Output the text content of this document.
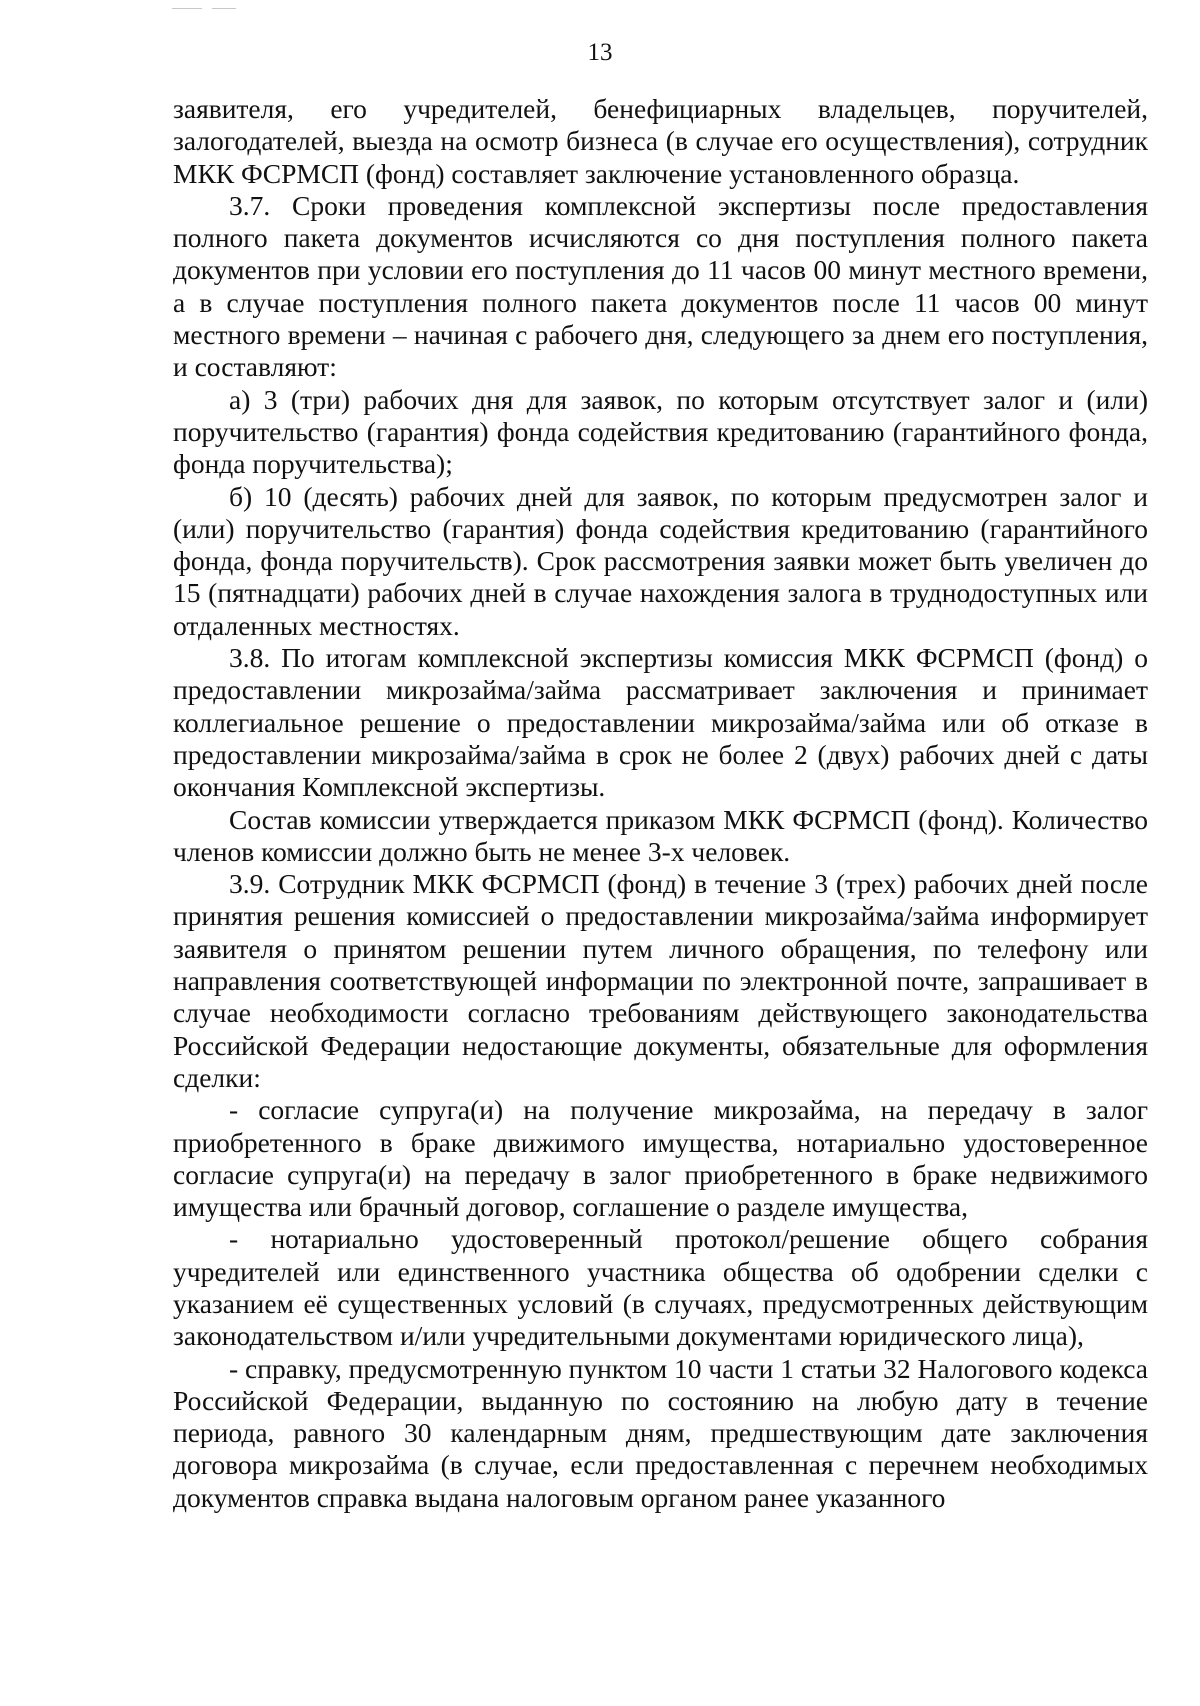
13

заявителя, его учредителей, бенефициарных владельцев, поручителей, залогодателей, выезда на осмотр бизнеса (в случае его осуществления), сотрудник МКК ФСРМСП (фонд) составляет заключение установленного образца.

3.7. Сроки проведения комплексной экспертизы после предоставления полного пакета документов исчисляются со дня поступления полного пакета документов при условии его поступления до 11 часов 00 минут местного времени, а в случае поступления полного пакета документов после 11 часов 00 минут местного времени – начиная с рабочего дня, следующего за днем его поступления, и составляют:

а) 3 (три) рабочих дня для заявок, по которым отсутствует залог и (или) поручительство (гарантия) фонда содействия кредитованию (гарантийного фонда, фонда поручительства);

б) 10 (десять) рабочих дней для заявок, по которым предусмотрен залог и (или) поручительство (гарантия) фонда содействия кредитованию (гарантийного фонда, фонда поручительств). Срок рассмотрения заявки может быть увеличен до 15 (пятнадцати) рабочих дней в случае нахождения залога в труднодоступных или отдаленных местностях.

3.8. По итогам комплексной экспертизы комиссия МКК ФСРМСП (фонд) о предоставлении микрозайма/займа рассматривает заключения и принимает коллегиальное решение о предоставлении микрозайма/займа или об отказе в предоставлении микрозайма/займа в срок не более 2 (двух) рабочих дней с даты окончания Комплексной экспертизы.

Состав комиссии утверждается приказом МКК ФСРМСП (фонд). Количество членов комиссии должно быть не менее 3-х человек.

3.9. Сотрудник МКК ФСРМСП (фонд) в течение 3 (трех) рабочих дней после принятия решения комиссией о предоставлении микрозайма/займа информирует заявителя о принятом решении путем личного обращения, по телефону или направления соответствующей информации по электронной почте, запрашивает в случае необходимости согласно требованиям действующего законодательства Российской Федерации недостающие документы, обязательные для оформления сделки:

- согласие супруга(и) на получение микрозайма, на передачу в залог приобретенного в браке движимого имущества, нотариально удостоверенное согласие супруга(и) на передачу в залог приобретенного в браке недвижимого имущества или брачный договор, соглашение о разделе имущества,

- нотариально удостоверенный протокол/решение общего собрания учредителей или единственного участника общества об одобрении сделки с указанием её существенных условий (в случаях, предусмотренных действующим законодательством и/или учредительными документами юридического лица),

- справку, предусмотренную пунктом 10 части 1 статьи 32 Налогового кодекса Российской Федерации, выданную по состоянию на любую дату в течение периода, равного 30 календарным дням, предшествующим дате заключения договора микрозайма (в случае, если предоставленная с перечнем необходимых документов справка выдана налоговым органом ранее указанного
